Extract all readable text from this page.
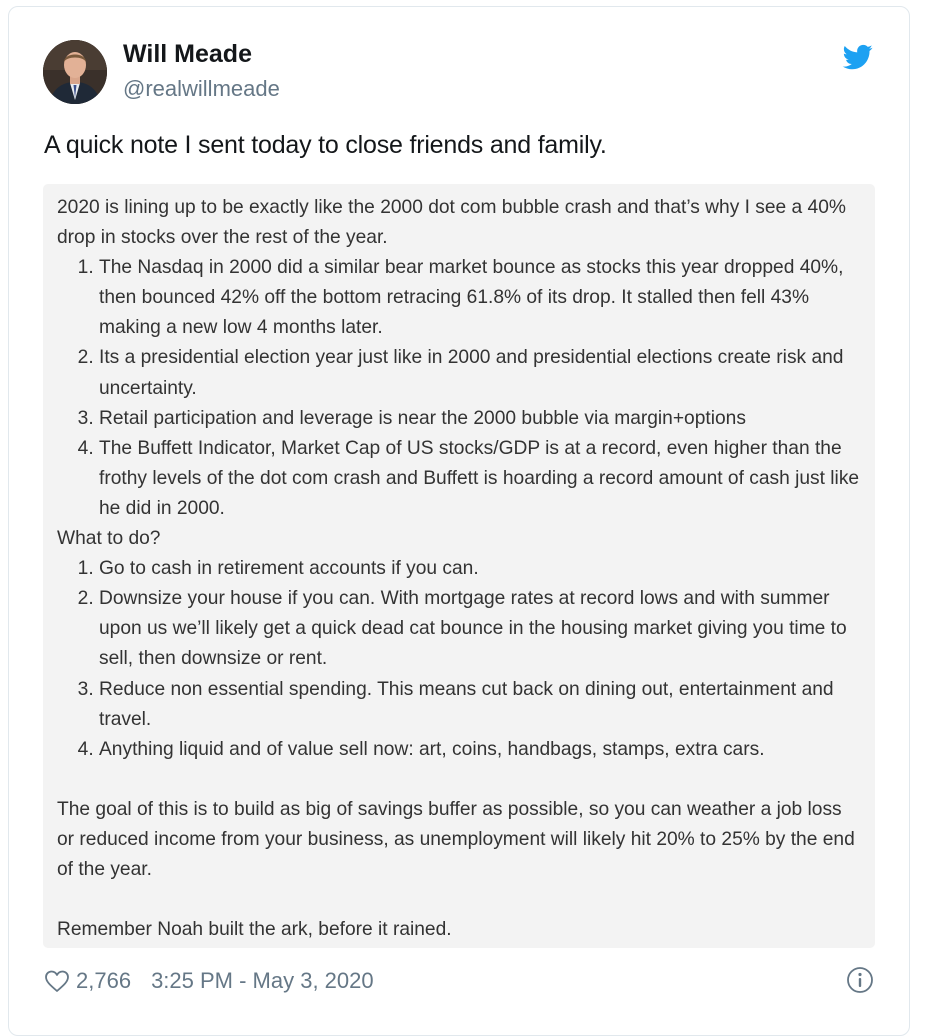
Will Meade
@realwillmeade
A quick note I sent today to close friends and family.

2020 is lining up to be exactly like the 2000 dot com bubble crash and that’s why I see a 40% drop in stocks over the rest of the year.

1. The Nasdaq in 2000 did a similar bear market bounce as stocks this year dropped 40%, then bounced 42% off the bottom retracing 61.8% of its drop. It stalled then fell 43% making a new low 4 months later.
2. Its a presidential election year just like in 2000 and presidential elections create risk and uncertainty.
3. Retail participation and leverage is near the 2000 bubble via margin+options
4. The Buffett Indicator, Market Cap of US stocks/GDP is at a record, even higher than the frothy levels of the dot com crash and Buffett is hoarding a record amount of cash just like he did in 2000.

What to do?

1. Go to cash in retirement accounts if you can.
2. Downsize your house if you can. With mortgage rates at record lows and with summer upon us we’ll likely get a quick dead cat bounce in the housing market giving you time to sell, then downsize or rent.
3. Reduce non essential spending. This means cut back on dining out, entertainment and travel.
4. Anything liquid and of value sell now: art, coins, handbags, stamps, extra cars.

The goal of this is to build as big of savings buffer as possible, so you can weather a job loss or reduced income from your business, as unemployment will likely hit 20% to 25% by the end of the year.

Remember Noah built the ark, before it rained.

2,766 3:25 PM - May 3, 2020
